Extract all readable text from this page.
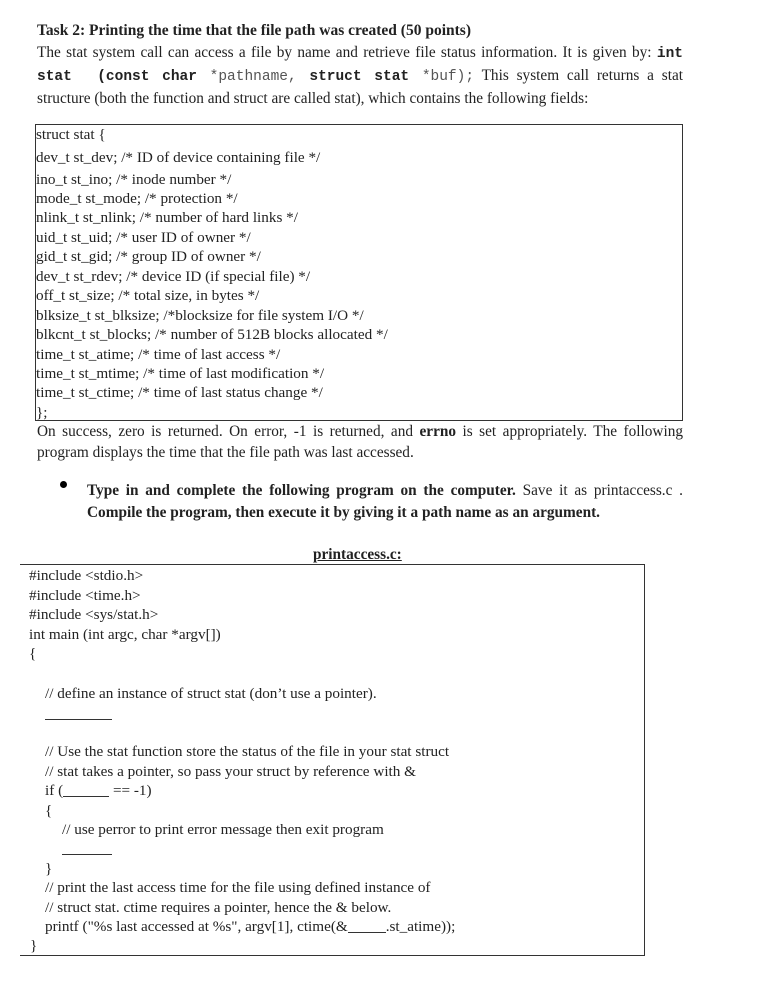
Task 2: Printing the time that the file path was created (50 points)
The stat system call can access a file by name and retrieve file status information. It is given by: int stat (const char *pathname, struct stat *buf); This system call returns a stat structure (both the function and struct are called stat), which contains the following fields:
struct stat {
dev_t st_dev; /* ID of device containing file */
ino_t st_ino; /* inode number */
mode_t st_mode; /* protection */
nlink_t st_nlink; /* number of hard links */
uid_t st_uid; /* user ID of owner */
gid_t st_gid; /* group ID of owner */
dev_t st_rdev; /* device ID (if special file) */
off_t st_size; /* total size, in bytes */
blksize_t st_blksize; /*blocksize for file system I/O */
blkcnt_t st_blocks; /* number of 512B blocks allocated */
time_t st_atime; /* time of last access */
time_t st_mtime; /* time of last modification */
time_t st_ctime; /* time of last status change */
};
On success, zero is returned. On error, -1 is returned, and errno is set appropriately. The following program displays the time that the file path was last accessed.
Type in and complete the following program on the computer. Save it as printaccess.c . Compile the program, then execute it by giving it a path name as an argument.
printaccess.c:
#include <stdio.h>
#include <time.h>
#include <sys/stat.h>
int main (int argc, char *argv[])
{
// define an instance of struct stat (don’t use a pointer).
// Use the stat function store the status of the file in your stat struct
// stat takes a pointer, so pass your struct by reference with &
if (	== -1)
{
// use perror to print error message then exit program
}
// print the last access time for the file using defined instance of
// struct stat. ctime requires a pointer, hence the & below.
printf ("%s last accessed at %s", argv[1], ctime(&	.st_atime));
}
